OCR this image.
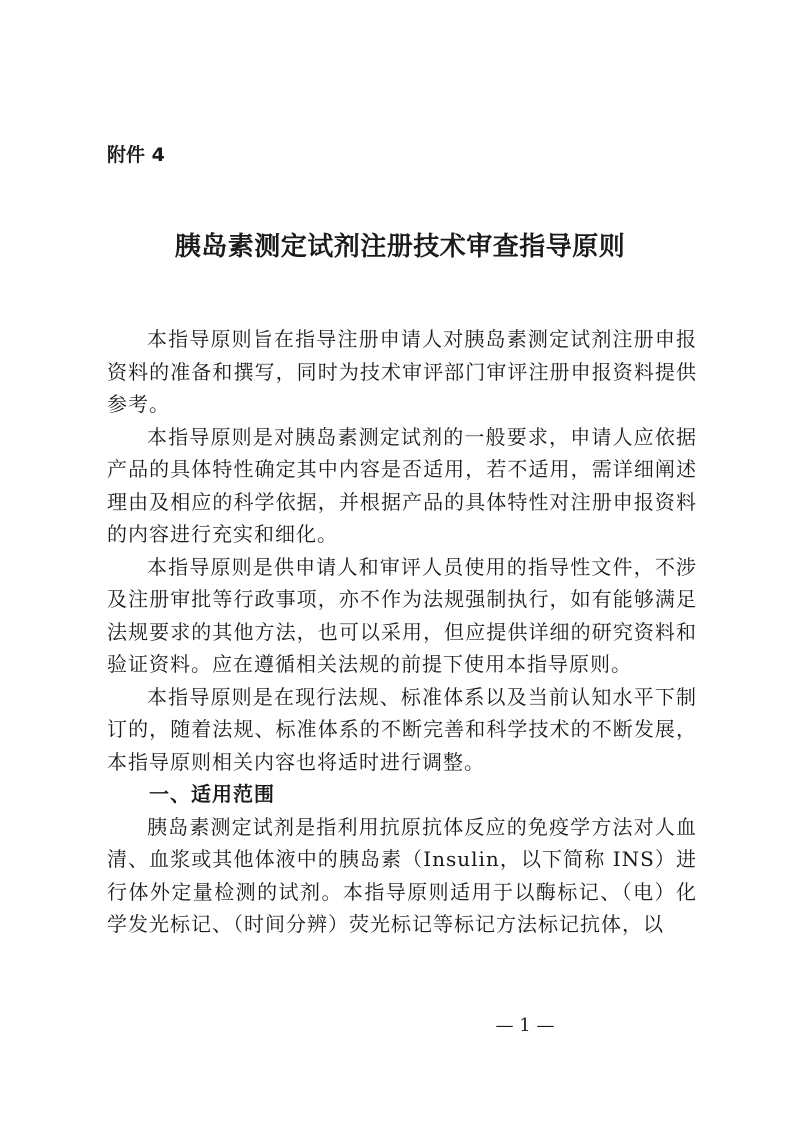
附件 4
胰岛素测定试剂注册技术审查指导原则

本指导原则旨在指导注册申请人对胰岛素测定试剂注册申报资料的准备和撰写，同时为技术审评部门审评注册申报资料提供参考。

本指导原则是对胰岛素测定试剂的一般要求，申请人应依据产品的具体特性确定其中内容是否适用，若不适用，需详细阐述理由及相应的科学依据，并根据产品的具体特性对注册申报资料的内容进行充实和细化。

本指导原则是供申请人和审评人员使用的指导性文件，不涉及注册审批等行政事项，亦不作为法规强制执行，如有能够满足法规要求的其他方法，也可以采用，但应提供详细的研究资料和验证资料。应在遵循相关法规的前提下使用本指导原则。

本指导原则是在现行法规、标准体系以及当前认知水平下制订的，随着法规、标准体系的不断完善和科学技术的不断发展，本指导原则相关内容也将适时进行调整。

一、适用范围

胰岛素测定试剂是指利用抗原抗体反应的免疫学方法对人血清、血浆或其他体液中的胰岛素（Insulin，以下简称 INS）进行体外定量检测的试剂。本指导原则适用于以酶标记、（电）化学发光标记、（时间分辨）荧光标记等标记方法标记抗体，以

— 1 —
